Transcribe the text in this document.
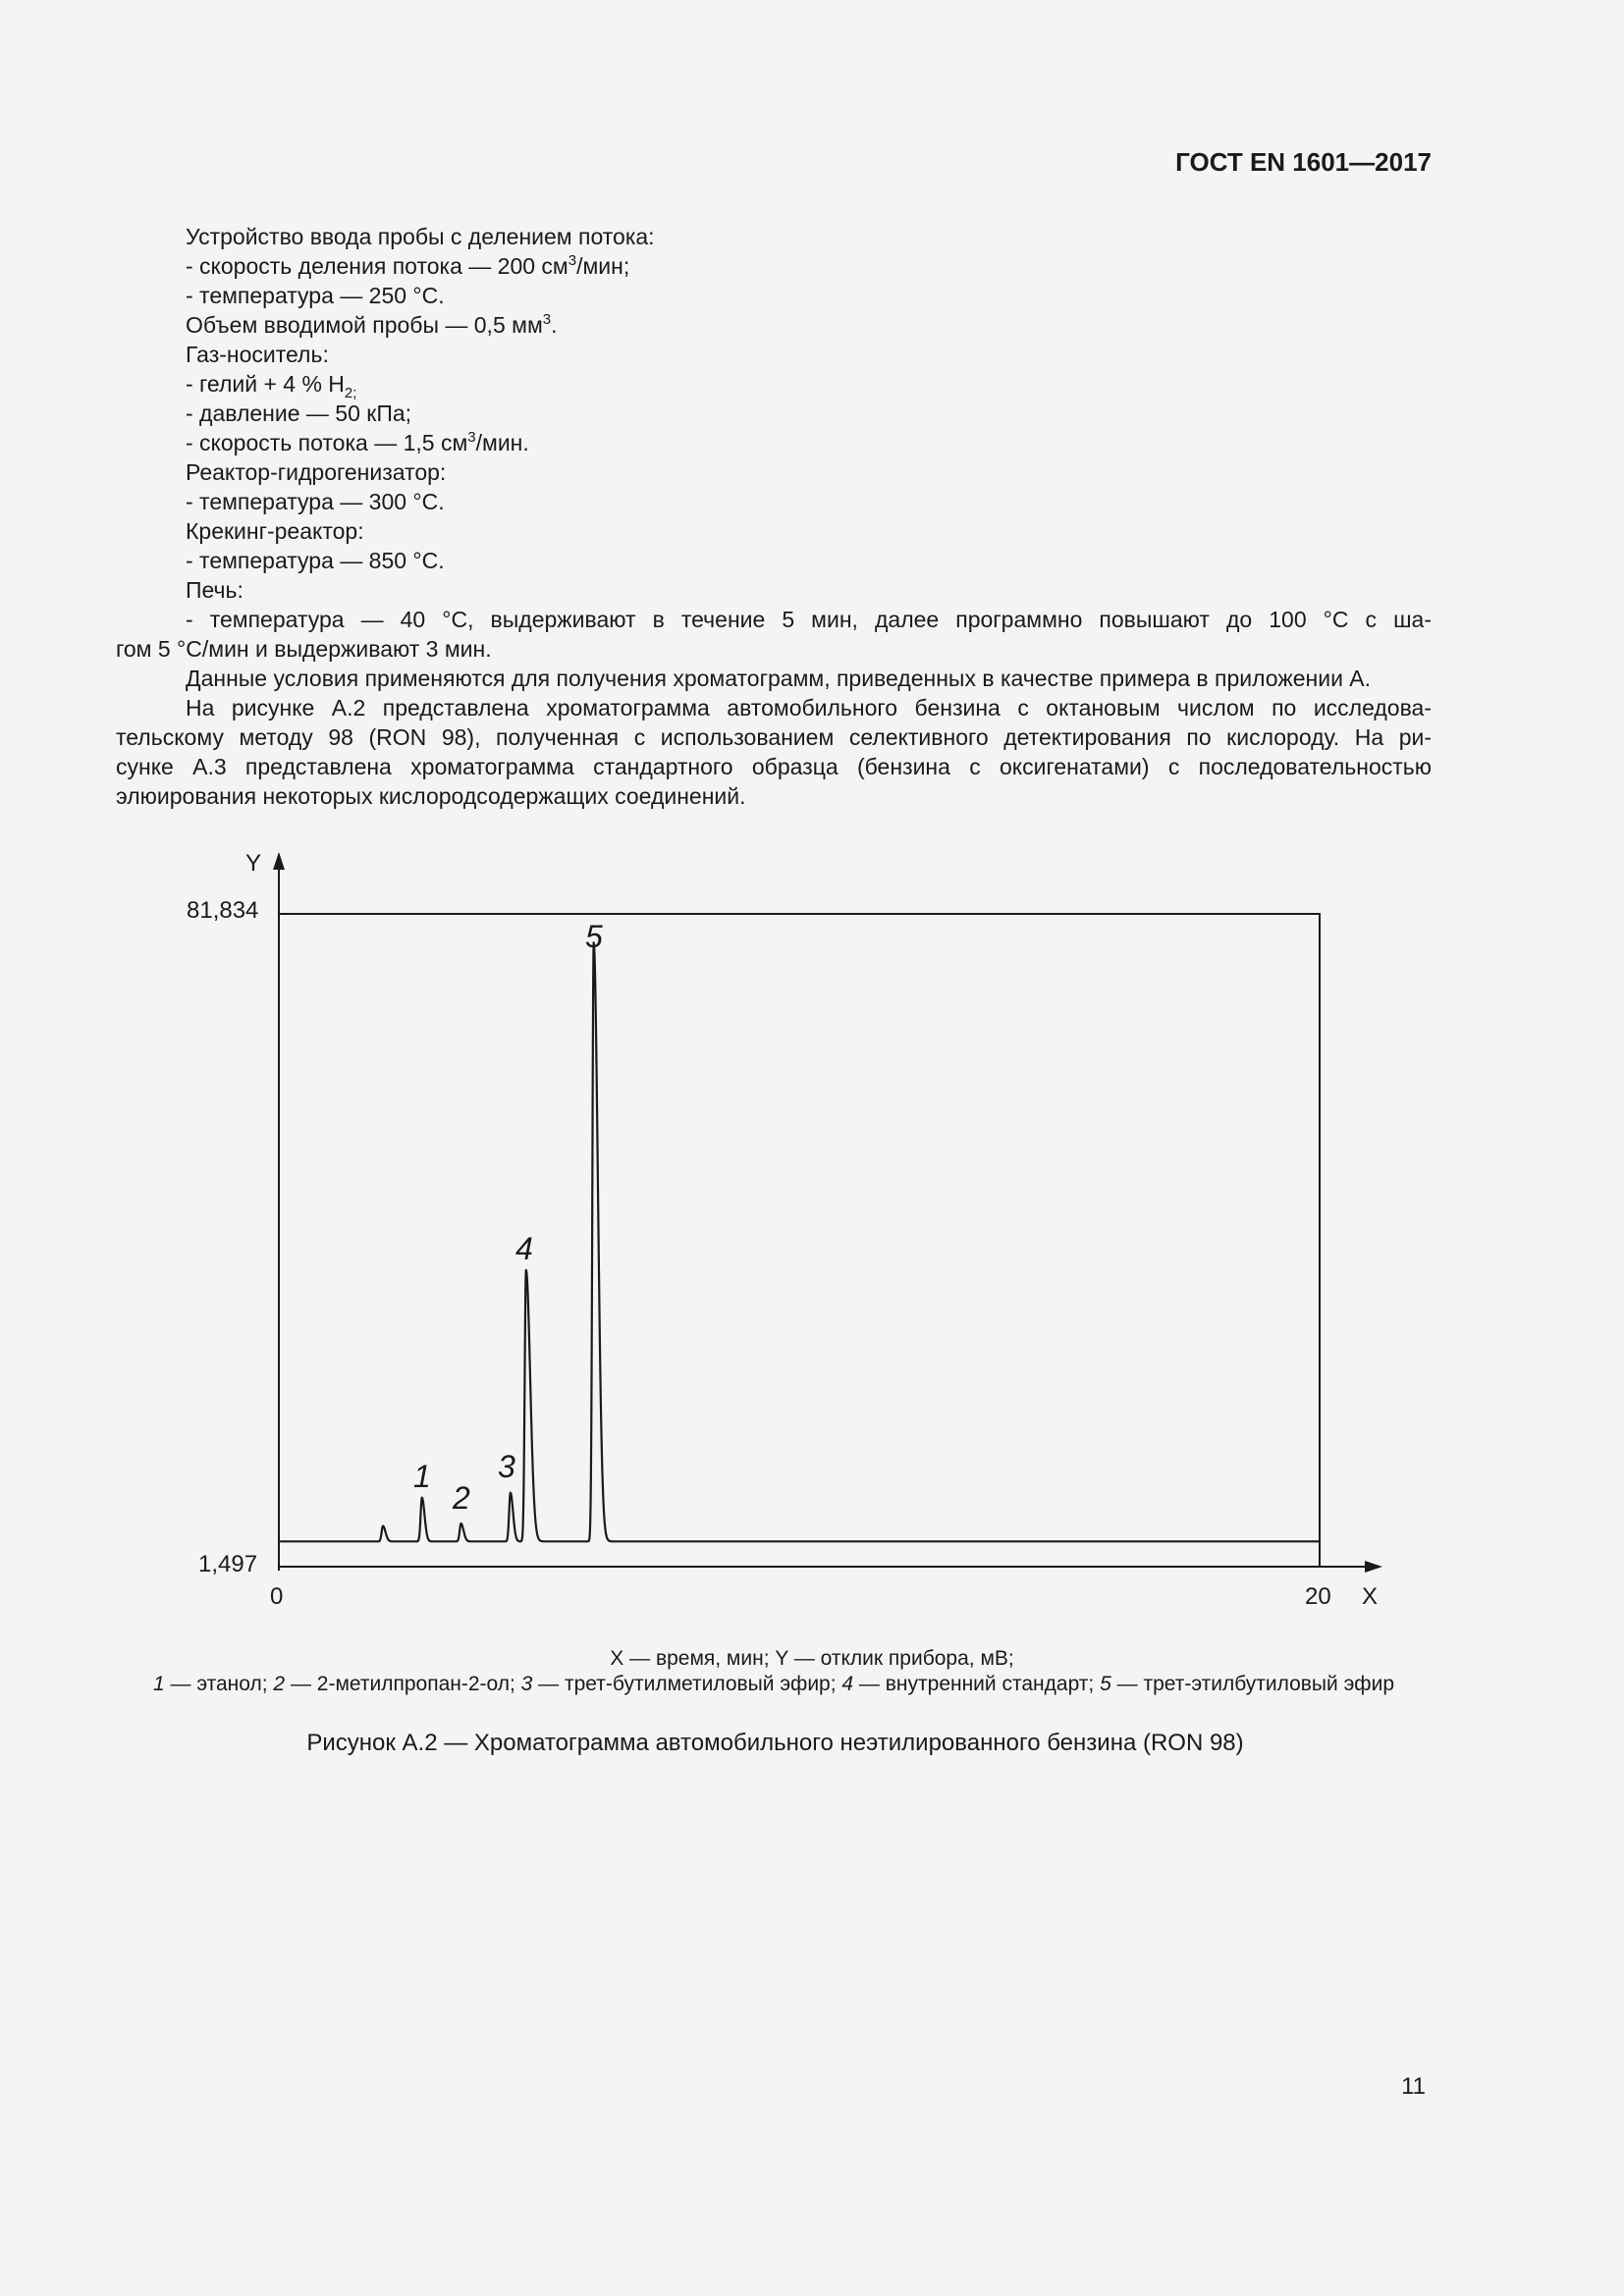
ГОСТ EN 1601—2017

Устройство ввода пробы с делением потока:

- скорость деления потока — 200 $см^3$/мин;

- температура — 250 °С.

Объем вводимой пробы — 0,5 $мм^3$.

Газ-носитель:

- гелий + 4 % $Н_{2;}$

- давление — 50 кПа;

- скорость потока — 1,5 $см^3$/мин.

Реактор-гидрогенизатор:

- температура — 300 °С.

Крекинг-реактор:

- температура — 850 °С.

Печь:

- температура — 40 °С, выдерживают в течение 5 мин, далее программно повышают до 100 °С с ша-

гом 5 °С/мин и выдерживают 3 мин.

Данные условия применяются для получения хроматограмм, приведенных в качестве примера в приложении А.

На рисунке А.2 представлена хроматограмма автомобильного бензина с октановым числом по исследова-

тельскому методу 98 (RON 98), полученная с использованием селективного детектирования по кислороду. На ри-

сунке А.3 представлена хроматограмма стандартного образца (бензина с оксигенатами) с последовательностью

элюирования некоторых кислородсодержащих соединений.

81,834
1,497
Y
0	20 X
1
2
3
4
5
X — время, мин; Y — отклик прибора, мВ;
1 — этанол; 2 — 2-метилпропан-2-ол; 3 — трет-бутилметиловый эфир; 4 — внутренний стандарт; 5 — трет-этилбутиловый эфир
Рисунок А.2 — Хроматограмма автомобильного неэтилированного бензина (RON 98)
11
